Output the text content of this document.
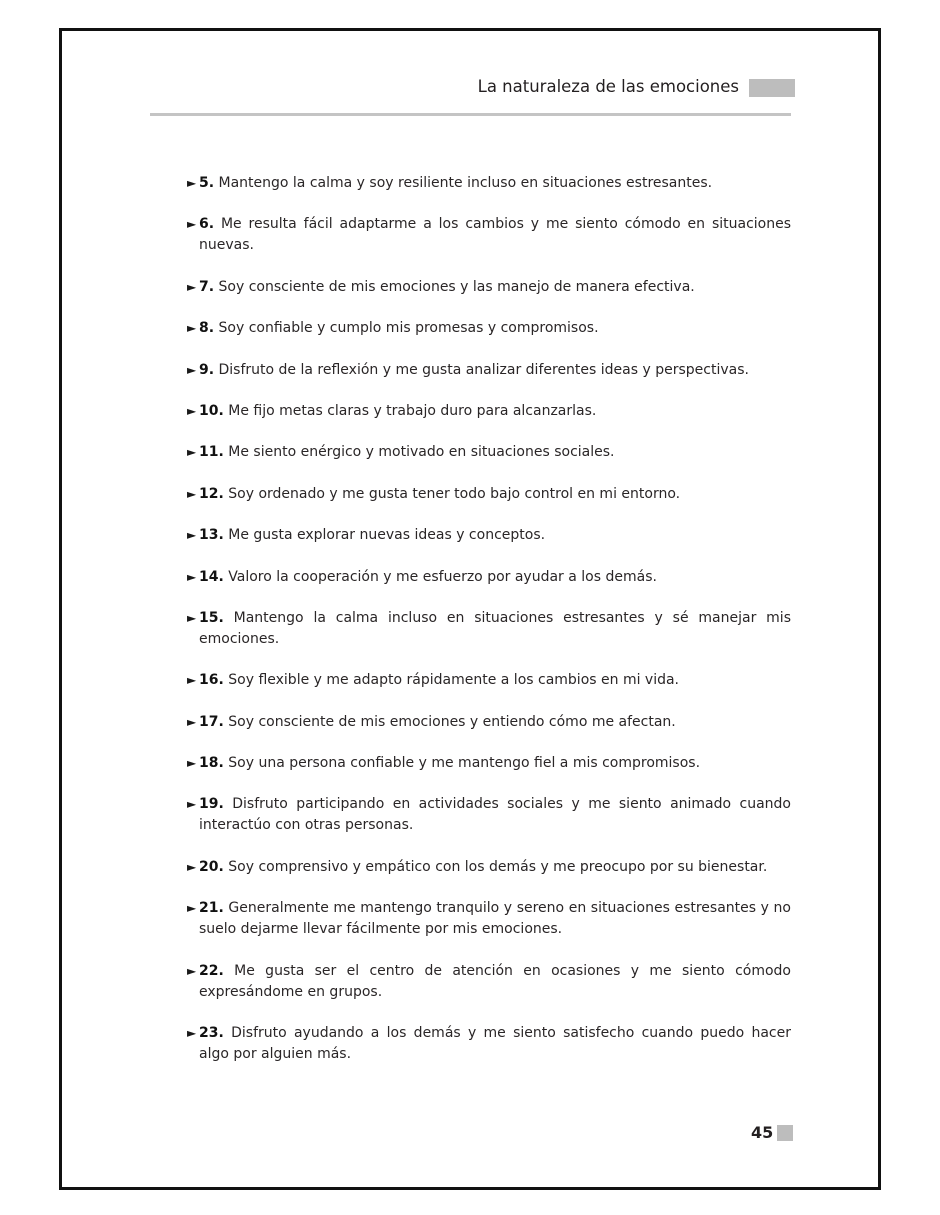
La naturaleza de las emociones
► 5. Mantengo la calma y soy resiliente incluso en situaciones estresantes.
► 6. Me resulta fácil adaptarme a los cambios y me siento cómodo en situaciones nuevas.
► 7. Soy consciente de mis emociones y las manejo de manera efectiva.
► 8. Soy confiable y cumplo mis promesas y compromisos.
► 9. Disfruto de la reflexión y me gusta analizar diferentes ideas y perspectivas.
► 10. Me fijo metas claras y trabajo duro para alcanzarlas.
► 11. Me siento enérgico y motivado en situaciones sociales.
► 12. Soy ordenado y me gusta tener todo bajo control en mi entorno.
► 13. Me gusta explorar nuevas ideas y conceptos.
► 14. Valoro la cooperación y me esfuerzo por ayudar a los demás.
► 15. Mantengo la calma incluso en situaciones estresantes y sé manejar mis emociones.
► 16. Soy flexible y me adapto rápidamente a los cambios en mi vida.
► 17. Soy consciente de mis emociones y entiendo cómo me afectan.
► 18. Soy una persona confiable y me mantengo fiel a mis compromisos.
► 19. Disfruto participando en actividades sociales y me siento animado cuando interactúo con otras personas.
► 20. Soy comprensivo y empático con los demás y me preocupo por su bienestar.
► 21. Generalmente me mantengo tranquilo y sereno en situaciones estresantes y no suelo dejarme llevar fácilmente por mis emociones.
► 22. Me gusta ser el centro de atención en ocasiones y me siento cómodo expresándome en grupos.
► 23. Disfruto ayudando a los demás y me siento satisfecho cuando puedo hacer algo por alguien más.
45
